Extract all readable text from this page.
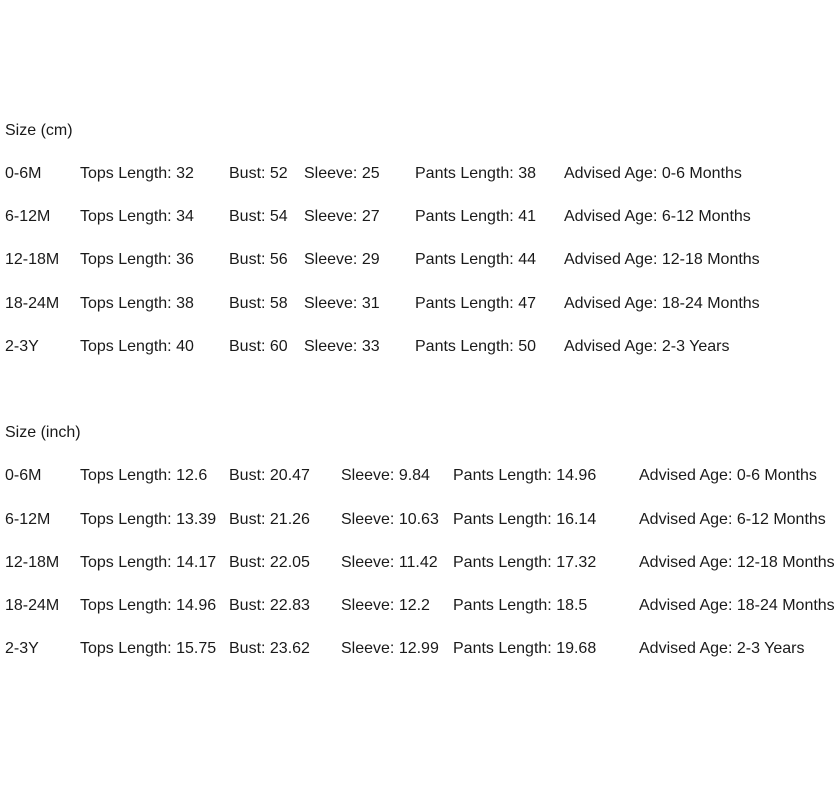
Size (cm)

0-6M Tops Length: 32 Bust: 52 Sleeve: 25 Pants Length: 38 Advised Age: 0-6 Months

6-12M Tops Length: 34 Bust: 54 Sleeve: 27 Pants Length: 41 Advised Age: 6-12 Months

12-18M Tops Length: 36 Bust: 56 Sleeve: 29 Pants Length: 44 Advised Age: 12-18 Months

18-24M Tops Length: 38 Bust: 58 Sleeve: 31 Pants Length: 47 Advised Age: 18-24 Months

2-3Y	Tops Length: 40 Bust: 60 Sleeve: 33 Pants Length: 50 Advised Age: 2-3 Years

Size (inch)

0-6M Tops Length: 12.6 Bust: 20.47 Sleeve: 9.84 Pants Length: 14.96	Advised Age: 0-6 Months

6-12M Tops Length: 13.39 Bust: 21.26 Sleeve: 10.63 Pants Length: 16.14	Advised Age: 6-12 Months

12-18M Tops Length: 14.17 Bust: 22.05 Sleeve: 11.42 Pants Length: 17.32	Advised Age: 12-18 Months

18-24M Tops Length: 14.96 Bust: 22.83 Sleeve: 12.2 Pants Length: 18.5	Advised Age: 18-24 Months

2-3Y	Tops Length: 15.75 Bust: 23.62 Sleeve: 12.99 Pants Length: 19.68	Advised Age: 2-3 Years
